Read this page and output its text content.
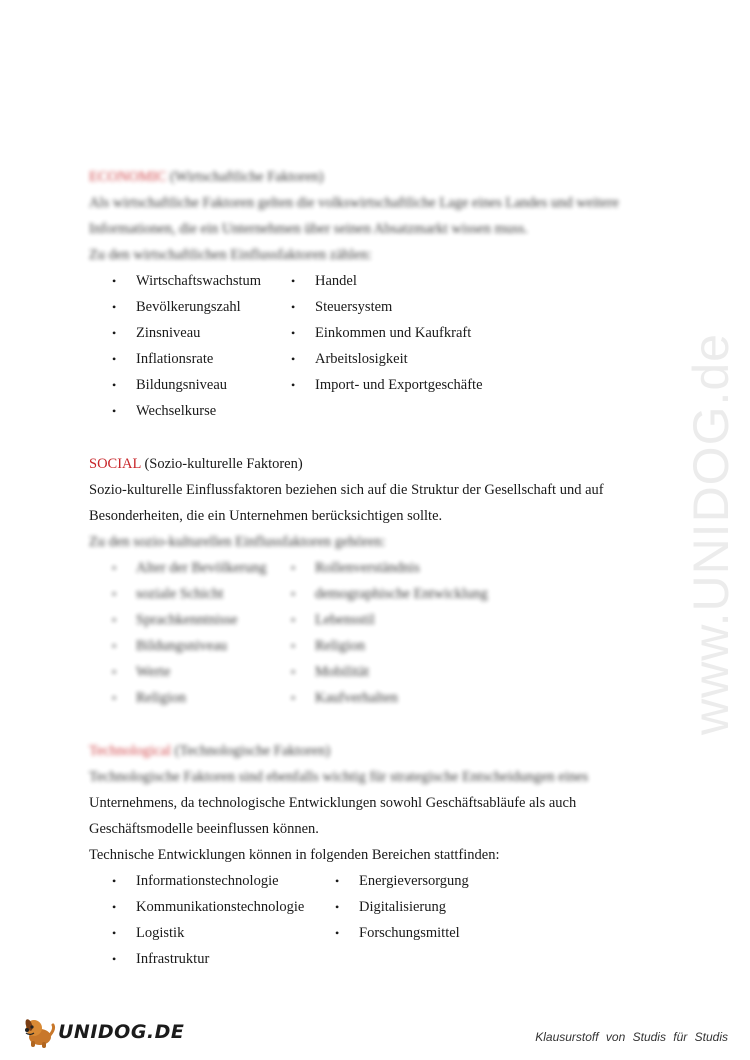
www.UNIDOG.de
ECONOMIC (Wirtschaftliche Faktoren)
Als wirtschaftliche Faktoren gelten die volkswirtschaftliche Lage eines Landes und weitere
Informationen, die ein Unternehmen über seinen Absatzmarkt wissen muss.
Zu den wirtschaftlichen Einflussfaktoren zählen:
• Wirtschaftswachstum
• Bevölkerungszahl
• Zinsniveau
• Inflationsrate
• Bildungsniveau
• Wechselkurse
• Handel
• Steuersystem
• Einkommen und Kaufkraft
• Arbeitslosigkeit
• Import- und Exportgeschäfte
SOCIAL (Sozio-kulturelle Faktoren)
Sozio-kulturelle Einflussfaktoren beziehen sich auf die Struktur der Gesellschaft und auf
Besonderheiten, die ein Unternehmen berücksichtigen sollte.
Zu den sozio-kulturellen Einflussfaktoren gehören:
• Alter der Bevölkerung
• soziale Schicht
• Sprachkenntnisse
• Bildungsniveau
• Werte
• Religion
• Rollenverständnis
• demographische Entwicklung
• Lebensstil
• Religion
• Mobilität
• Kaufverhalten
Technological (Technologische Faktoren)
Technologische Faktoren sind ebenfalls wichtig für strategische Entscheidungen eines
Unternehmens, da technologische Entwicklungen sowohl Geschäftsabläufe als auch
Geschäftsmodelle beeinflussen können.
Technische Entwicklungen können in folgenden Bereichen stattfinden:
• Informationstechnologie
• Kommunikationstechnologie
• Logistik
• Infrastruktur
• Energieversorgung
• Digitalisierung
• Forschungsmittel
UNIDOG.DE	Klausurstoff von Studis für Studis
